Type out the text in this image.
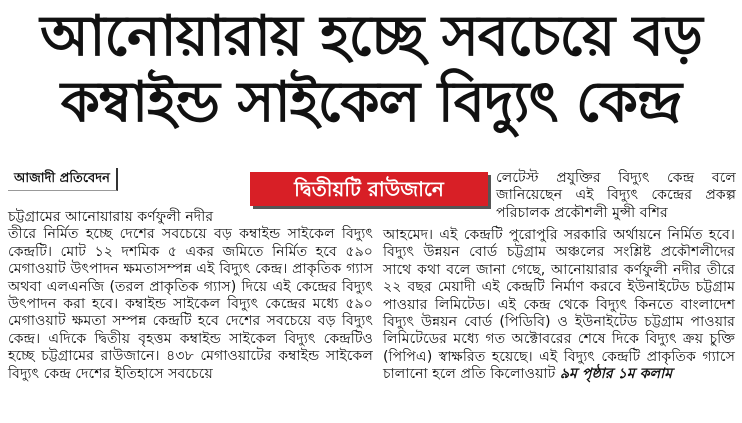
আনোয়ারায় হচ্ছে সবচেয়ে বড়
কম্বাইন্ড সাইকেল বিদ্যুৎ কেন্দ্র
আজাদী প্রতিবেদন	দ্বিতীয়টি রাউজানে

চট্টগ্রামের আনোয়ারায় কর্ণফুলী নদীর

তীরে নির্মিত হচ্ছে দেশের সবচেয়ে বড় কম্বাইন্ড সাইকেল বিদ্যুৎ কেন্দ্রটি। মোট ১২ দশমিক ৫ একর জমিতে নির্মিত হবে ৫৯০ মেগাওয়াট উৎপাদন ক্ষমতাসম্পন্ন এই বিদ্যুৎ কেন্দ্র। প্রাকৃতিক গ্যাস অথবা এলএনজি (তরল প্রাকৃতিক গ্যাস) দিয়ে এই কেন্দ্রের বিদ্যুৎ উৎপাদন করা হবে। কম্বাইন্ড সাইকেল বিদ্যুৎ কেন্দ্রের মধ্যে ৫৯০ মেগাওয়াট ক্ষমতা সম্পন্ন কেন্দ্রটি হবে দেশের সবচেয়ে বড় বিদ্যুৎ কেন্দ্র। এদিকে দ্বিতীয় বৃহত্তম কম্বাইন্ড সাইকেল বিদ্যুৎ কেন্দ্রটিও হচ্ছে চট্টগ্রামের রাউজানে। ৪৩৮ মেগাওয়াটের কম্বাইন্ড সাইকেল বিদ্যুৎ কেন্দ্র দেশের ইতিহাসে সবচেয়ে

লেটেস্ট প্রযুক্তির বিদ্যুৎ কেন্দ্র বলে জানিয়েছেন এই বিদ্যুৎ কেন্দ্রের প্রকল্প পরিচালক প্রকৌশলী মুন্সী বশির

আহমেদ। এই কেন্দ্রটি পুরোপুরি সরকারি অর্থায়নে নির্মিত হবে। বিদ্যুৎ উন্নয়ন বোর্ড চট্টগ্রাম অঞ্চলের সংশ্লিষ্ট প্রকৌশলীদের সাথে কথা বলে জানা গেছে, আনোয়ারার কর্ণফুলী নদীর তীরে ২২ বছর মেয়াদী এই কেন্দ্রটি নির্মাণ করবে ইউনাইটেড চট্টগ্রাম পাওয়ার লিমিটেড। এই কেন্দ্র থেকে বিদ্যুৎ কিনতে বাংলাদেশ বিদ্যুৎ উন্নয়ন বোর্ড (পিডিবি) ও ইউনাইটেড চট্টগ্রাম পাওয়ার লিমিটেডের মধ্যে গত অক্টোবরের শেষে দিকে বিদ্যুৎ ক্রয় চুক্তি (পিপিএ) স্বাক্ষরিত হয়েছে। এই বিদ্যুৎ কেন্দ্রটি প্রাকৃতিক গ্যাসে চালানো হলে প্রতি কিলোওয়াট ৯ম পৃষ্ঠার ১ম কলাম
